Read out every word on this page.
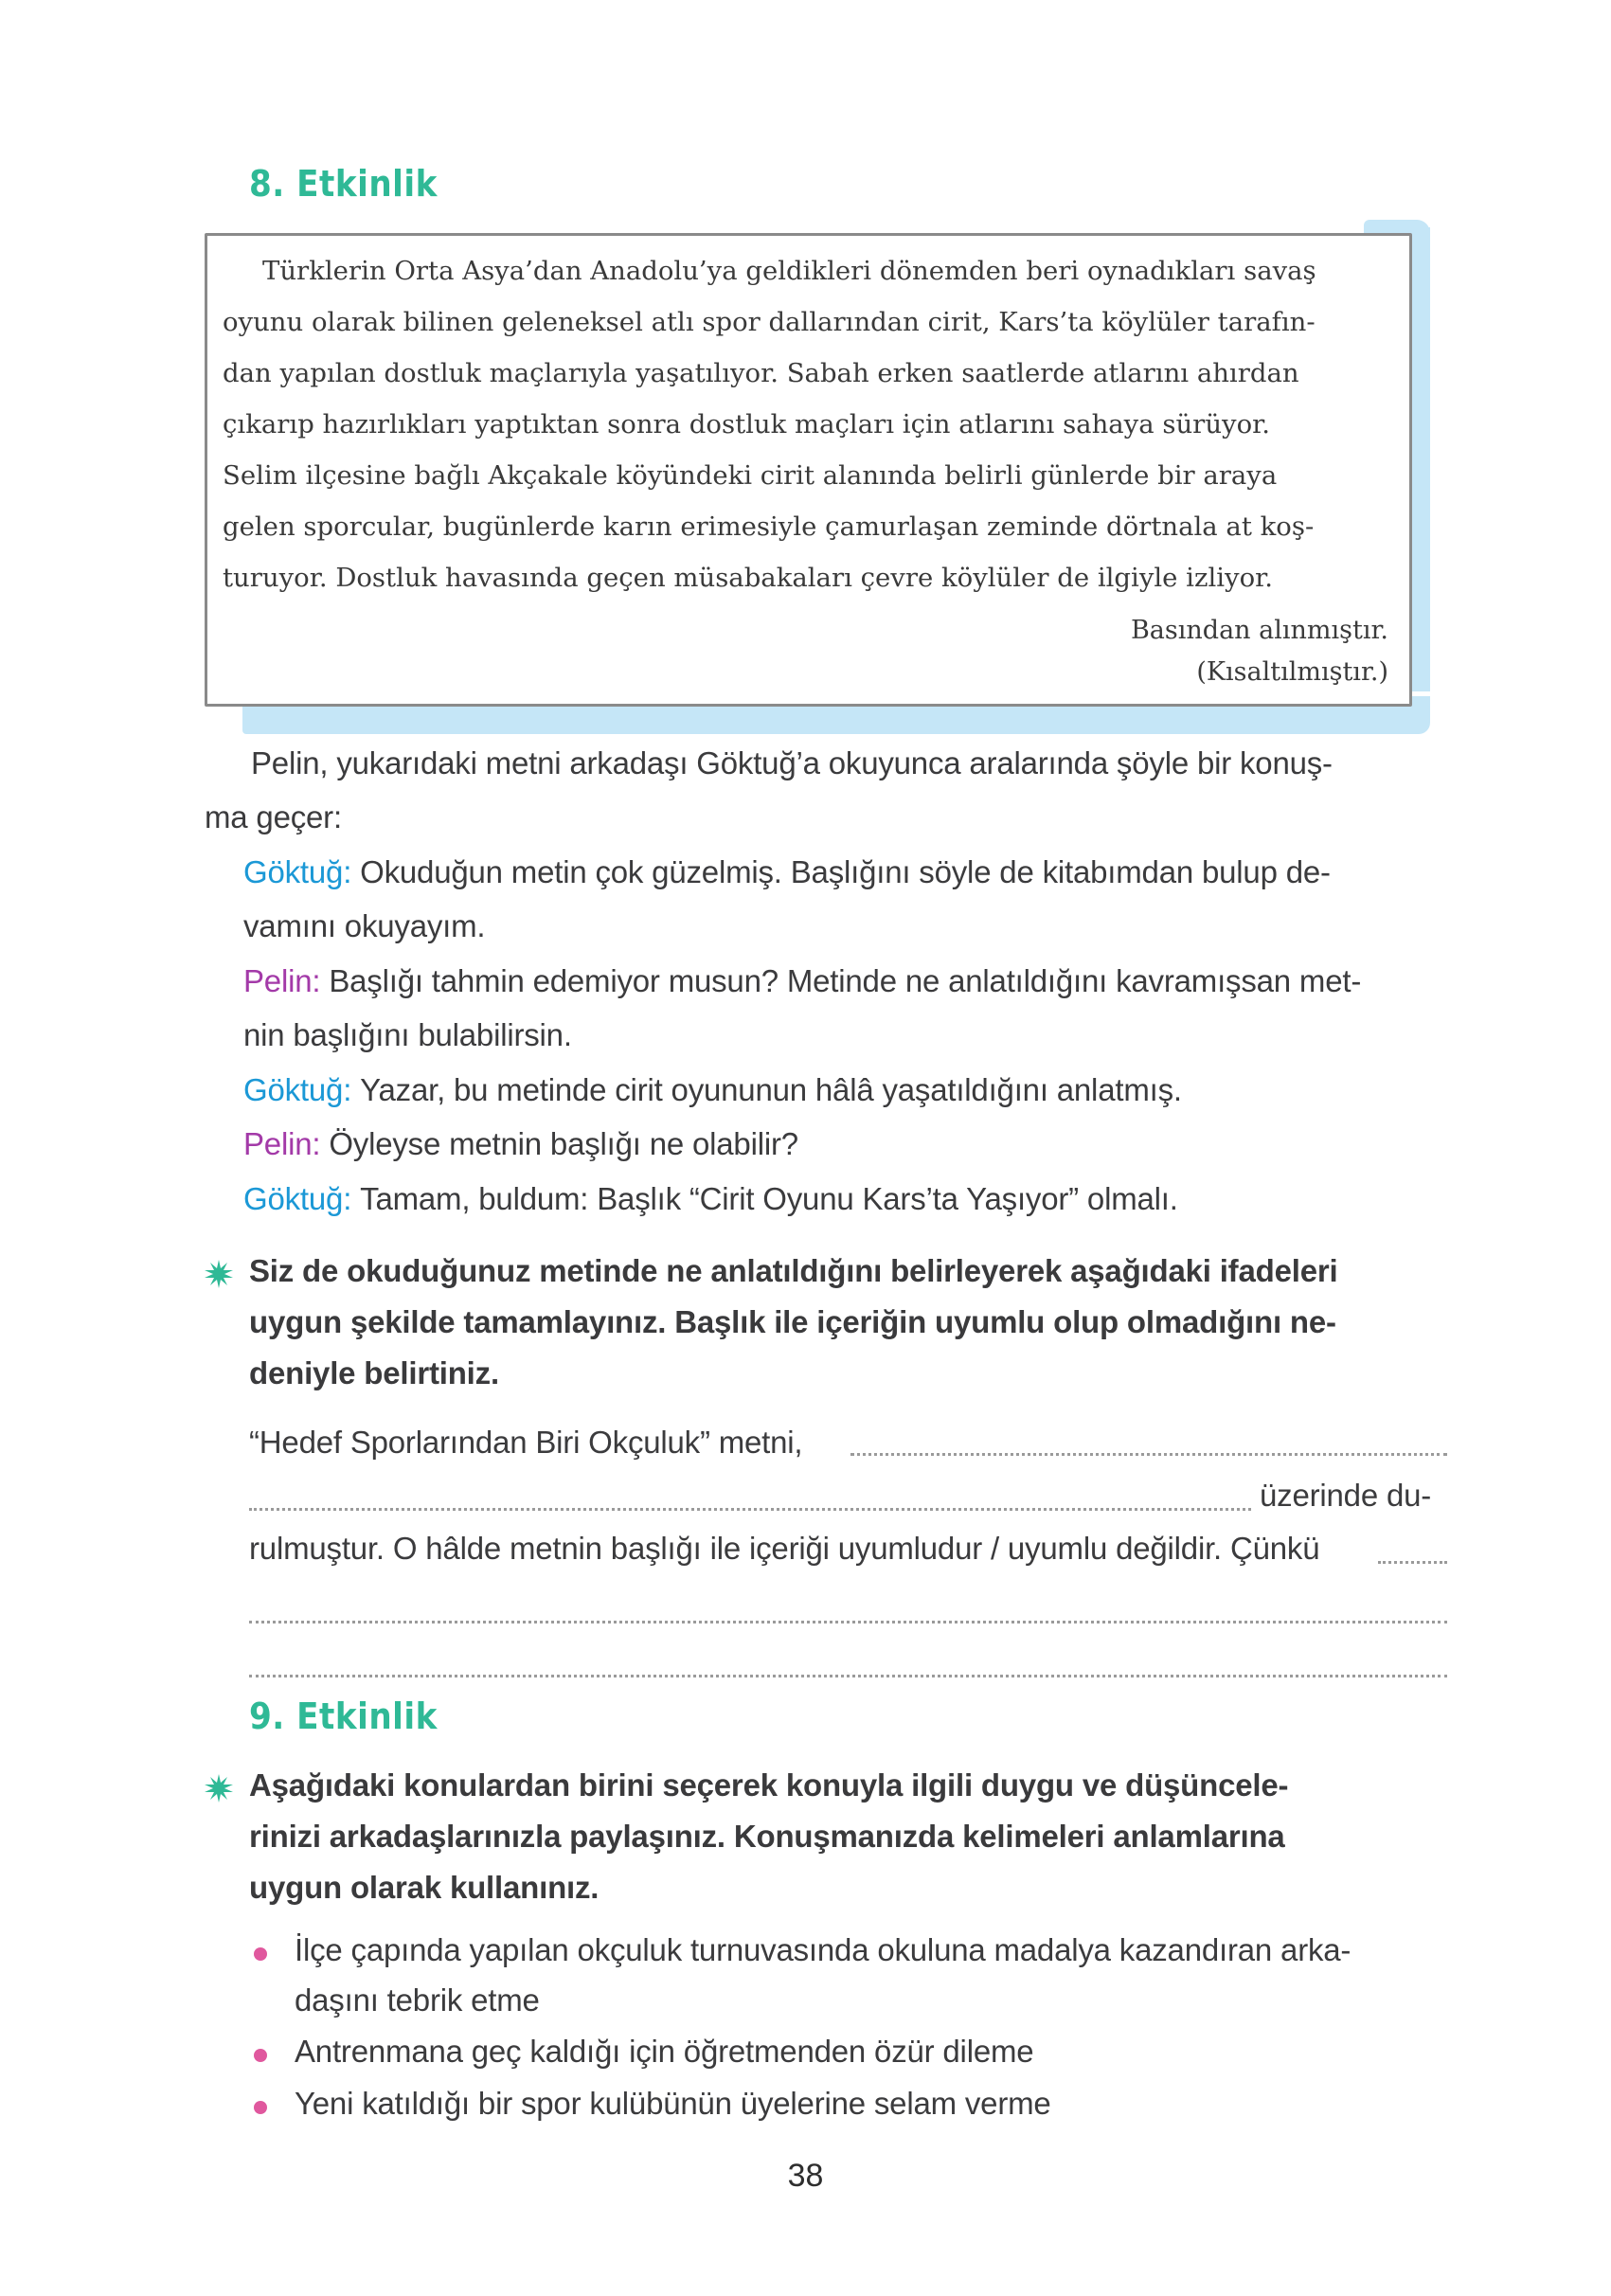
8. Etkinlik
Türklerin Orta Asya’dan Anadolu’ya geldikleri dönemden beri oynadıkları savaş
oyunu olarak bilinen geleneksel atlı spor dallarından cirit, Kars’ta köylüler tarafın-
dan yapılan dostluk maçlarıyla yaşatılıyor. Sabah erken saatlerde atlarını ahırdan
çıkarıp hazırlıkları yaptıktan sonra dostluk maçları için atlarını sahaya sürüyor.
Selim ilçesine bağlı Akçakale köyündeki cirit alanında belirli günlerde bir araya
gelen sporcular, bugünlerde karın erimesiyle çamurlaşan zeminde dörtnala at koş-
turuyor. Dostluk havasında geçen müsabakaları çevre köylüler de ilgiyle izliyor.
Basından alınmıştır.
(Kısaltılmıştır.)
Pelin, yukarıdaki metni arkadaşı Göktuğ’a okuyunca aralarında şöyle bir konuş-
ma geçer:
Göktuğ:
Okuduğun metin çok güzelmiş. Başlığını söyle de kitabımdan bulup de-
vamını okuyayım.
Pelin:
Başlığı tahmin edemiyor musun? Metinde ne anlatıldığını kavramışsan met-
nin başlığını bulabilirsin.
Göktuğ:
Yazar, bu metinde cirit oyununun hâlâ yaşatıldığını anlatmış.
Pelin:
Öyleyse metnin başlığı ne olabilir?
Göktuğ:
Tamam, buldum: Başlık “Cirit Oyunu Kars’ta Yaşıyor” olmalı.
Siz de okuduğunuz metinde ne anlatıldığını belirleyerek aşağıdaki ifadeleri
uygun şekilde tamamlayınız. Başlık ile içeriğin uyumlu olup olmadığını ne-
deniyle belirtiniz.
“Hedef Sporlarından Biri Okçuluk” metni,
üzerinde du-
rulmuştur. O hâlde metnin başlığı ile içeriği uyumludur / uyumlu değildir. Çünkü
9. Etkinlik
Aşağıdaki konulardan birini seçerek konuyla ilgili duygu ve düşüncele-
rinizi arkadaşlarınızla paylaşınız. Konuşmanızda kelimeleri anlamlarına
uygun olarak kullanınız.
İlçe çapında yapılan okçuluk turnuvasında okuluna madalya kazandıran arka-
daşını tebrik etme
Antrenmana geç kaldığı için öğretmenden özür dileme
Yeni katıldığı bir spor kulübünün üyelerine selam verme
38
